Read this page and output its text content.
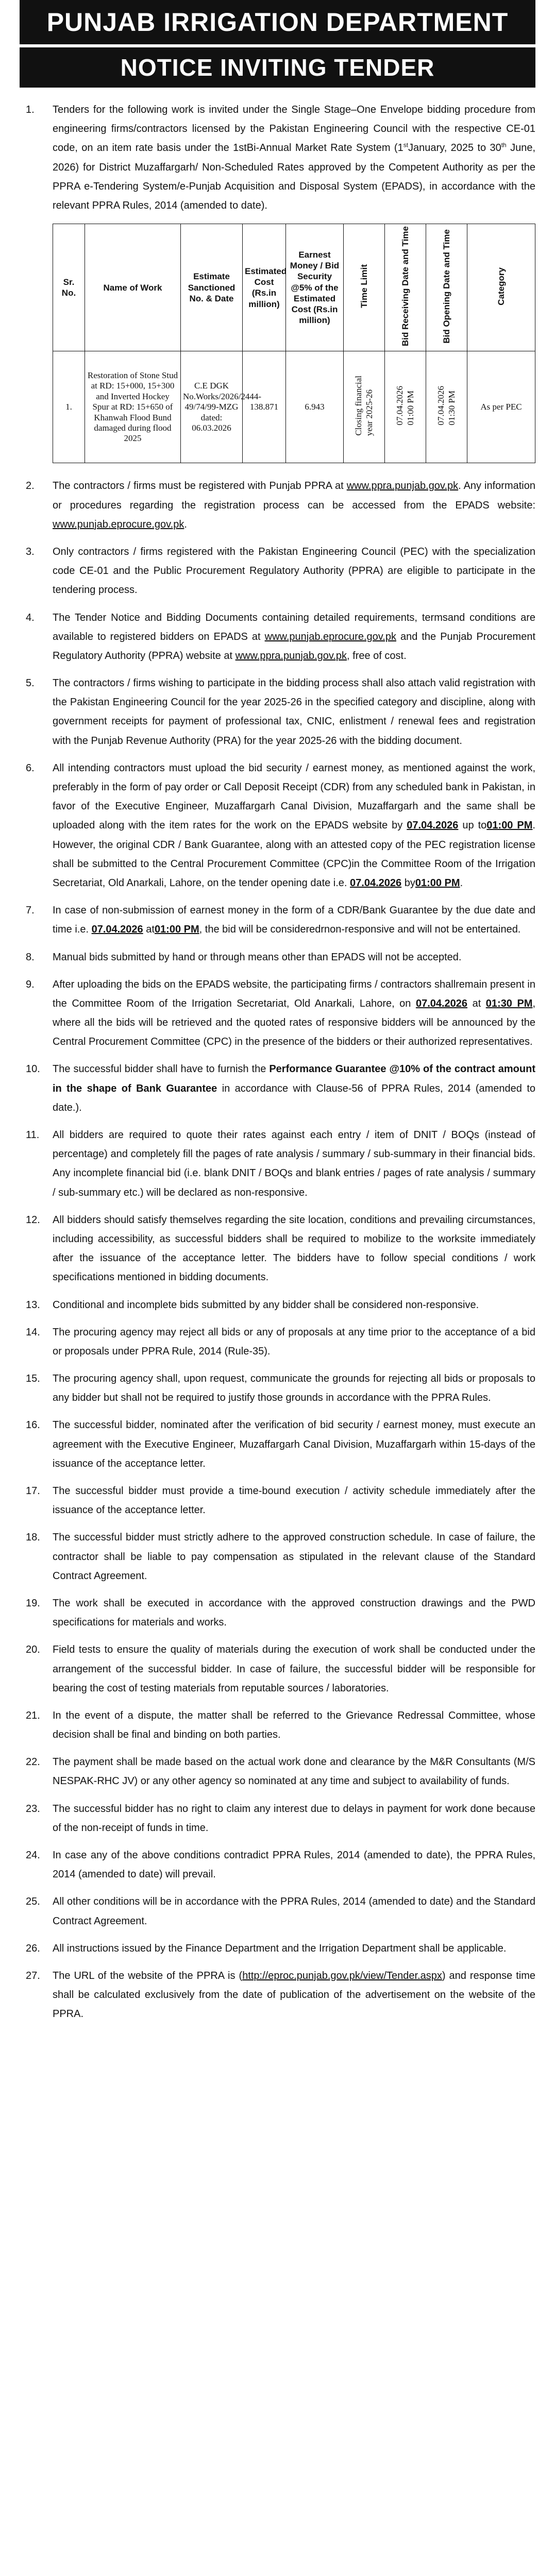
PUNJAB IRRIGATION DEPARTMENT
NOTICE INVITING TENDER
1. Tenders for the following work is invited under the Single Stage–One Envelope bidding procedure from engineering firms/contractors licensed by the Pakistan Engineering Council with the respective CE-01 code, on an item rate basis under the 1stBi-Annual Market Rate System (1stJanuary, 2025 to 30th June, 2026) for District Muzaffargarh/ Non-Scheduled Rates approved by the Competent Authority as per the PPRA e-Tendering System/e-Punjab Acquisition and Disposal System (EPADS), in accordance with the relevant PPRA Rules, 2014 (amended to date).
Sr. No.	Name of Work	Estimate Sanctioned No. & Date	Estimated Cost (Rs.in million)	Earnest Money / Bid Security @5% of the Estimated Cost (Rs.in million)	Time Limit	Bid Receiving Date and Time	Bid Opening Date and Time	Category
1.	Restoration of Stone Stud at RD: 15+000, 15+300 and Inverted Hockey Spur at RD: 15+650 of Khanwah Flood Bund damaged during flood 2025	C.E DGK No.Works/2026/2444-49/74/99-MZG dated: 06.03.2026	138.871	6.943	Closing financialyear 2025-26	07.04.202601:00 PM	07.04.202601:30 PM	As per PEC
2. The contractors / firms must be registered with Punjab PPRA at www.ppra.punjab.gov.pk. Any information or procedures regarding the registration process can be accessed from the EPADS website: www.punjab.eprocure.gov.pk.
3. Only contractors / firms registered with the Pakistan Engineering Council (PEC) with the specialization code CE-01 and the Public Procurement Regulatory Authority (PPRA) are eligible to participate in the tendering process.
4. The Tender Notice and Bidding Documents containing detailed requirements, termsand conditions are available to registered bidders on EPADS at www.punjab.eprocure.gov.pk and the Punjab Procurement Regulatory Authority (PPRA) website at www.ppra.punjab.gov.pk, free of cost.
5. The contractors / firms wishing to participate in the bidding process shall also attach valid registration with the Pakistan Engineering Council for the year 2025-26 in the specified category and discipline, along with government receipts for payment of professional tax, CNIC, enlistment / renewal fees and registration with the Punjab Revenue Authority (PRA) for the year 2025-26 with the bidding document.
6. All intending contractors must upload the bid security / earnest money, as mentioned against the work, preferably in the form of pay order or Call Deposit Receipt (CDR) from any scheduled bank in Pakistan, in favor of the Executive Engineer, Muzaffargarh Canal Division, Muzaffargarh and the same shall be uploaded along with the item rates for the work on the EPADS website by 07.04.2026 up to01:00 PM. However, the original CDR / Bank Guarantee, along with an attested copy of the PEC registration license shall be submitted to the Central Procurement Committee (CPC)in the Committee Room of the Irrigation Secretariat, Old Anarkali, Lahore, on the tender opening date i.e. 07.04.2026 by01:00 PM.
7. In case of non-submission of earnest money in the form of a CDR/Bank Guarantee by the due date and time i.e. 07.04.2026 at01:00 PM, the bid will be consideredrnon-responsive and will not be entertained.
8. Manual bids submitted by hand or through means other than EPADS will not be accepted.
9. After uploading the bids on the EPADS website, the participating firms / contractors shallremain present in the Committee Room of the Irrigation Secretariat, Old Anarkali, Lahore, on 07.04.2026 at 01:30 PM, where all the bids will be retrieved and the quoted rates of responsive bidders will be announced by the Central Procurement Committee (CPC) in the presence of the bidders or their authorized representatives.
10. The successful bidder shall have to furnish the Performance Guarantee @10% of the contract amount in the shape of Bank Guarantee in accordance with Clause-56 of PPRA Rules, 2014 (amended to date.).
11. All bidders are required to quote their rates against each entry / item of DNIT / BOQs (instead of percentage) and completely fill the pages of rate analysis / summary / sub-summary in their financial bids. Any incomplete financial bid (i.e. blank DNIT / BOQs and blank entries / pages of rate analysis / summary / sub-summary etc.) will be declared as non-responsive.
12. All bidders should satisfy themselves regarding the site location, conditions and prevailing circumstances, including accessibility, as successful bidders shall be required to mobilize to the worksite immediately after the issuance of the acceptance letter. The bidders have to follow special conditions / work specifications mentioned in bidding documents.
13. Conditional and incomplete bids submitted by any bidder shall be considered non-responsive.
14. The procuring agency may reject all bids or any of proposals at any time prior to the acceptance of a bid or proposals under PPRA Rule, 2014 (Rule-35).
15. The procuring agency shall, upon request, communicate the grounds for rejecting all bids or proposals to any bidder but shall not be required to justify those grounds in accordance with the PPRA Rules.
16. The successful bidder, nominated after the verification of bid security / earnest money, must execute an agreement with the Executive Engineer, Muzaffargarh Canal Division, Muzaffargarh within 15-days of the issuance of the acceptance letter.
17. The successful bidder must provide a time-bound execution / activity schedule immediately after the issuance of the acceptance letter.
18. The successful bidder must strictly adhere to the approved construction schedule. In case of failure, the contractor shall be liable to pay compensation as stipulated in the relevant clause of the Standard Contract Agreement.
19. The work shall be executed in accordance with the approved construction drawings and the PWD specifications for materials and works.
20. Field tests to ensure the quality of materials during the execution of work shall be conducted under the arrangement of the successful bidder. In case of failure, the successful bidder will be responsible for bearing the cost of testing materials from reputable sources / laboratories.
21. In the event of a dispute, the matter shall be referred to the Grievance Redressal Committee, whose decision shall be final and binding on both parties.
22. The payment shall be made based on the actual work done and clearance by the M&R Consultants (M/S NESPAK-RHC JV) or any other agency so nominated at any time and subject to availability of funds.
23. The successful bidder has no right to claim any interest due to delays in payment for work done because of the non-receipt of funds in time.
24. In case any of the above conditions contradict PPRA Rules, 2014 (amended to date), the PPRA Rules, 2014 (amended to date) will prevail.
25. All other conditions will be in accordance with the PPRA Rules, 2014 (amended to date) and the Standard Contract Agreement.
26. All instructions issued by the Finance Department and the Irrigation Department shall be applicable.
27. The URL of the website of the PPRA is (http://eproc.punjab.gov.pk/view/Tender.aspx) and response time shall be calculated exclusively from the date of publication of the advertisement on the website of the PPRA.
